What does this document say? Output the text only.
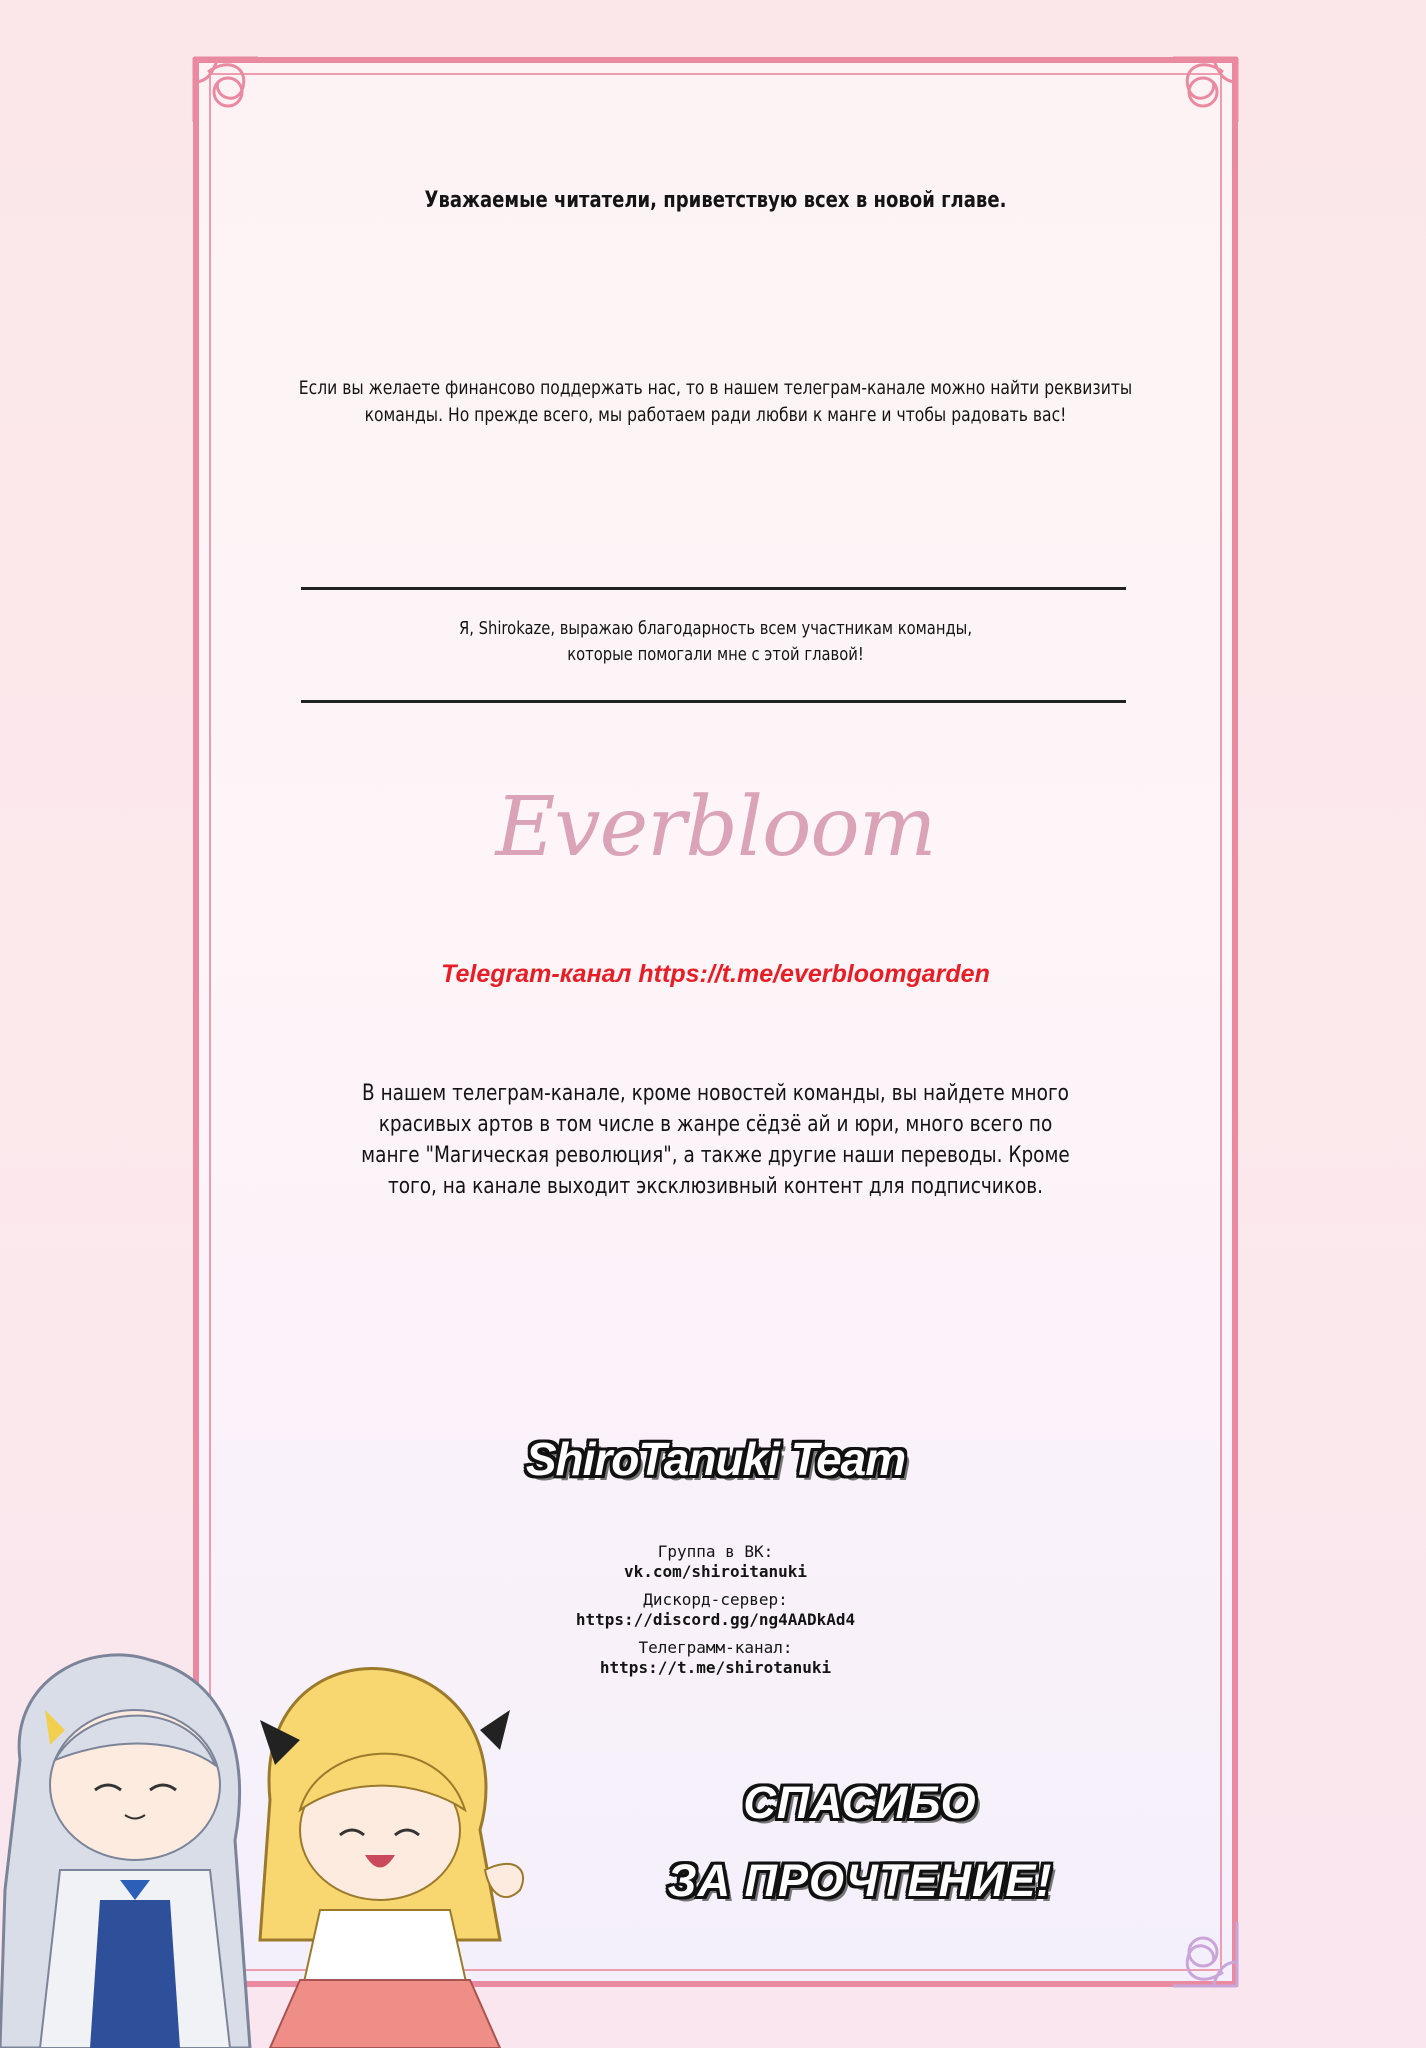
Уважаемые читатели, приветствую всех в новой главе.
Если вы желаете финансово поддержать нас, то в нашем телеграм-канале можно найти реквизиты
команды. Но прежде всего, мы работаем ради любви к манге и чтобы радовать вас!
Я, Shirokaze, выражаю благодарность всем участникам команды,
которые помогали мне с этой главой!
Everbloom
Telegram-канал https://t.me/everbloomgarden
В нашем телеграм-канале, кроме новостей команды, вы найдете много
красивых артов в том числе в жанре сёдзё ай и юри, много всего по
манге "Магическая революция", а также другие наши переводы. Кроме
того, на канале выходит эксклюзивный контент для подписчиков.
ShiroTanuki Team
Группа в ВК:
vk.com/shiroitanuki
Дискорд-сервер:
https://discord.gg/ng4AADkAd4
Телеграмм-канал:
https://t.me/shirotanuki
СПАСИБО
ЗА ПРОЧТЕНИЕ!
